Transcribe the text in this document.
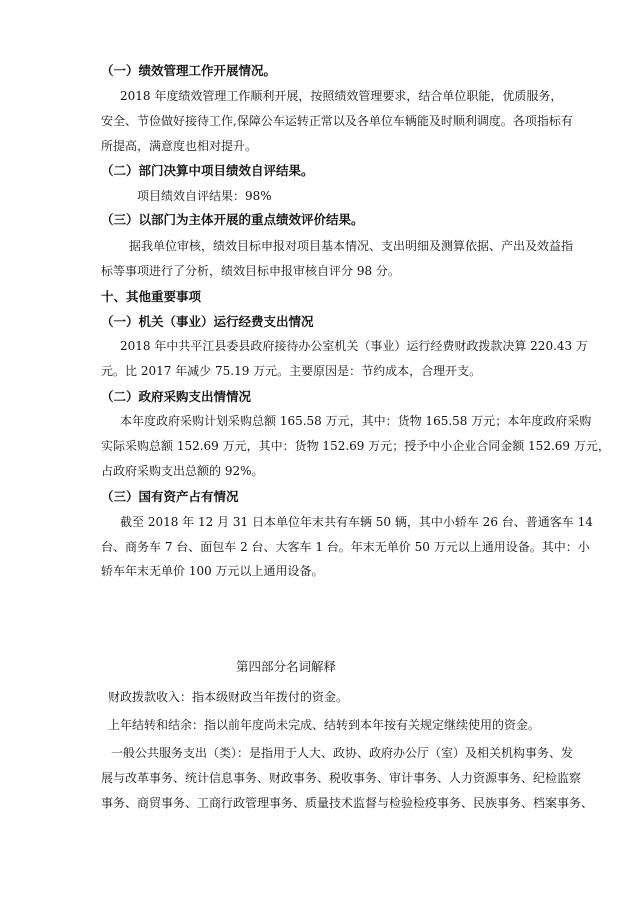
（一）绩效管理工作开展情况。
2018 年度绩效管理工作顺利开展，按照绩效管理要求，结合单位职能，优质服务，
安全、节俭做好接待工作,保障公车运转正常以及各单位车辆能及时顺利调度。各项指标有
所提高，满意度也相对提升。
（二）部门决算中项目绩效自评结果。
项目绩效自评结果：98%
（三）以部门为主体开展的重点绩效评价结果。
据我单位审核，绩效目标申报对项目基本情况、支出明细及测算依据、产出及效益指
标等事项进行了分析，绩效目标申报审核自评分 98 分。
十、其他重要事项
（一）机关（事业）运行经费支出情况
2018 年中共平江县委县政府接待办公室机关（事业）运行经费财政拨款决算 220.43 万
元。比 2017 年减少 75.19 万元。主要原因是：节约成本，合理开支。
（二）政府采购支出情情况
本年度政府采购计划采购总额 165.58 万元，其中：货物 165.58 万元；本年度政府采购
实际采购总额 152.69 万元，其中：货物 152.69 万元；授予中小企业合同金额 152.69 万元，
占政府采购支出总额的 92%。
（三）国有资产占有情况
截至 2018 年 12 月 31 日本单位年末共有车辆 50 辆，其中小轿车 26 台、普通客车 14
台、商务车 7 台、面包车 2 台、大客车 1 台。年末无单价 50 万元以上通用设备。其中：小
轿车年末无单价 100 万元以上通用设备。
第四部分名词解释
财政拨款收入：指本级财政当年拨付的资金。
上年结转和结余：指以前年度尚未完成、结转到本年按有关规定继续使用的资金。
一般公共服务支出（类）：是指用于人大、政协、政府办公厅（室）及相关机构事务、发
展与改革事务、统计信息事务、财政事务、税收事务、审计事务、人力资源事务、纪检监察
事务、商贸事务、工商行政管理事务、质量技术监督与检验检疫事务、民族事务、档案事务、
